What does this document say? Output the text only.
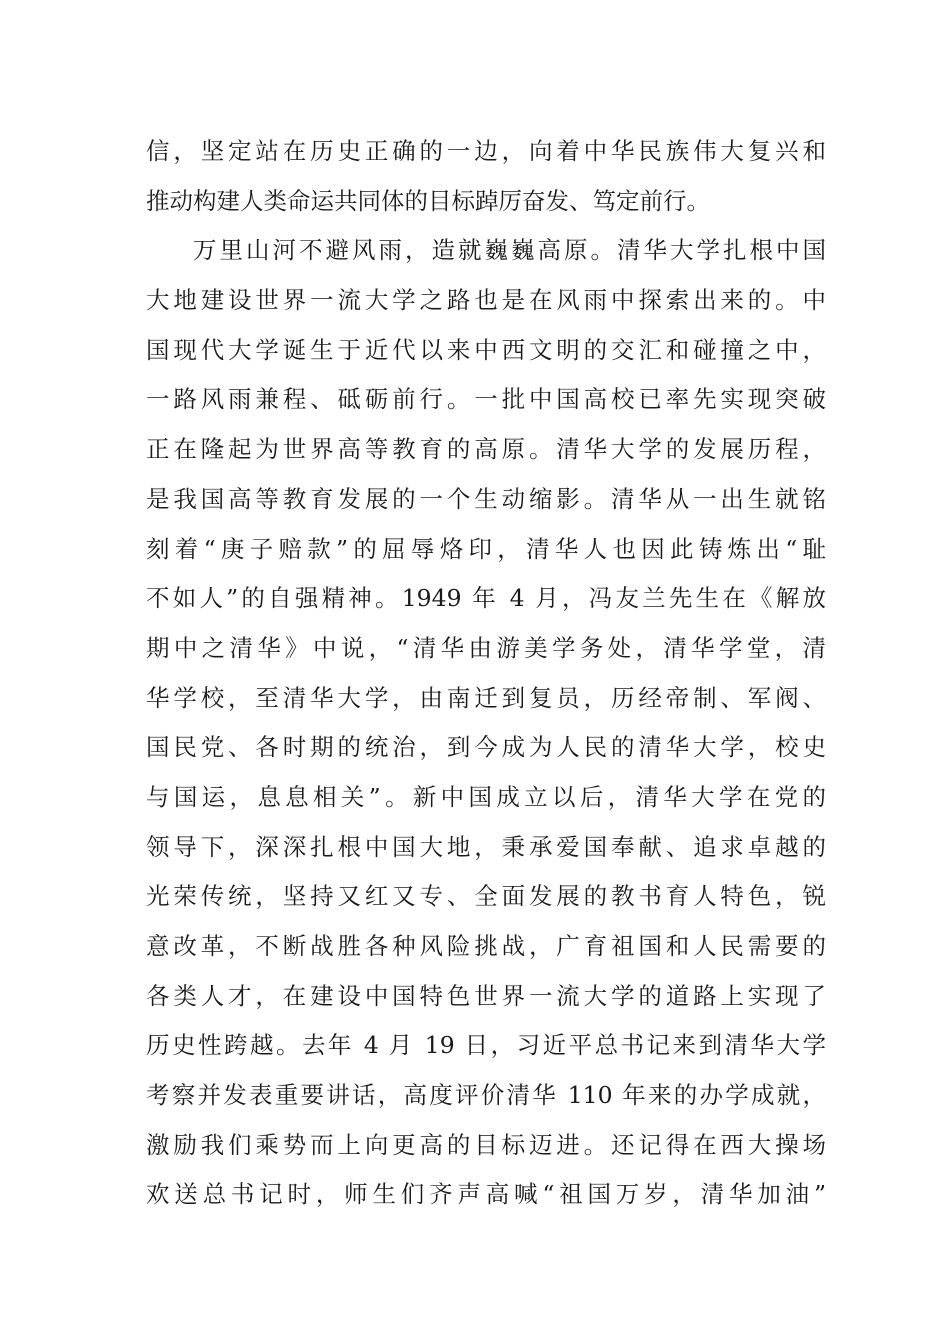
信，坚定站在历史正确的一边，向着中华民族伟大复兴和
推动构建人类命运共同体的目标踔厉奋发、笃定前行。
万里山河不避风雨，造就巍巍高原。清华大学扎根中国
大地建设世界一流大学之路也是在风雨中探索出来的。中
国现代大学诞生于近代以来中西文明的交汇和碰撞之中，
一路风雨兼程、砥砺前行。一批中国高校已率先实现突破
正在隆起为世界高等教育的高原。清华大学的发展历程，
是我国高等教育发展的一个生动缩影。清华从一出生就铭
刻着“庚子赔款”的屈辱烙印，清华人也因此铸炼出“耻
不如人”的自强精神。1949 年 4 月，冯友兰先生在《解放
期中之清华》中说，“清华由游美学务处，清华学堂，清
华学校，至清华大学，由南迁到复员，历经帝制、军阀、
国民党、各时期的统治，到今成为人民的清华大学，校史
与国运，息息相关”。新中国成立以后，清华大学在党的
领导下，深深扎根中国大地，秉承爱国奉献、追求卓越的
光荣传统，坚持又红又专、全面发展的教书育人特色，锐
意改革，不断战胜各种风险挑战，广育祖国和人民需要的
各类人才，在建设中国特色世界一流大学的道路上实现了
历史性跨越。去年 4 月 19 日，习近平总书记来到清华大学
考察并发表重要讲话，高度评价清华 110 年来的办学成就，
激励我们乘势而上向更高的目标迈进。还记得在西大操场
欢送总书记时，师生们齐声高喊“祖国万岁，清华加油”
